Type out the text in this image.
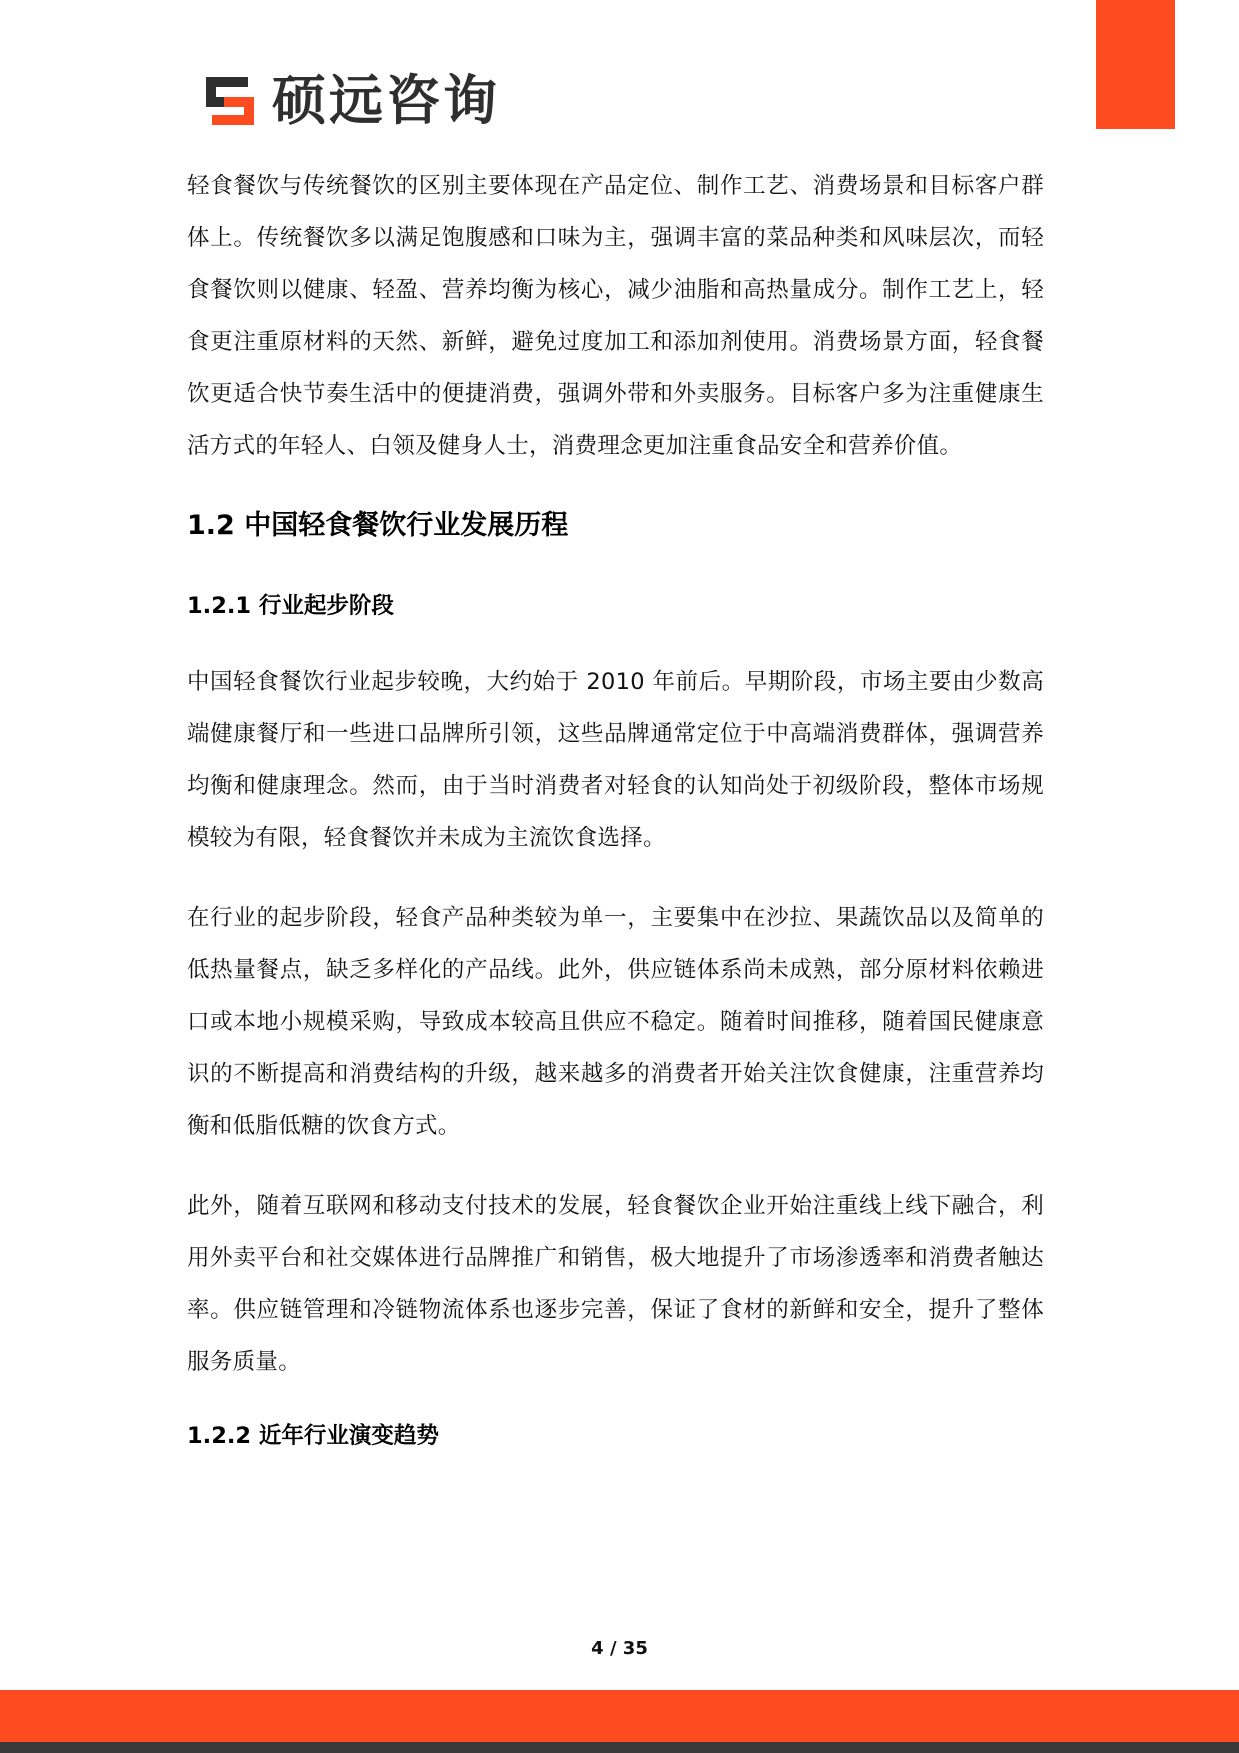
硕远咨询

轻食餐饮与传统餐饮的区别主要体现在产品定位、制作工艺、消费场景和目标客户群体上。传统餐饮多以满足饱腹感和口味为主，强调丰富的菜品种类和风味层次，而轻食餐饮则以健康、轻盈、营养均衡为核心，减少油脂和高热量成分。制作工艺上，轻食更注重原材料的天然、新鲜，避免过度加工和添加剂使用。消费场景方面，轻食餐饮更适合快节奏生活中的便捷消费，强调外带和外卖服务。目标客户多为注重健康生活方式的年轻人、白领及健身人士，消费理念更加注重食品安全和营养价值。

1.2 中国轻食餐饮行业发展历程
1.2.1 行业起步阶段

中国轻食餐饮行业起步较晚，大约始于 2010 年前后。早期阶段，市场主要由少数高端健康餐厅和一些进口品牌所引领，这些品牌通常定位于中高端消费群体，强调营养均衡和健康理念。然而，由于当时消费者对轻食的认知尚处于初级阶段，整体市场规模较为有限，轻食餐饮并未成为主流饮食选择。

在行业的起步阶段，轻食产品种类较为单一，主要集中在沙拉、果蔬饮品以及简单的低热量餐点，缺乏多样化的产品线。此外，供应链体系尚未成熟，部分原材料依赖进口或本地小规模采购，导致成本较高且供应不稳定。随着时间推移，随着国民健康意识的不断提高和消费结构的升级，越来越多的消费者开始关注饮食健康，注重营养均衡和低脂低糖的饮食方式。

此外，随着互联网和移动支付技术的发展，轻食餐饮企业开始注重线上线下融合，利用外卖平台和社交媒体进行品牌推广和销售，极大地提升了市场渗透率和消费者触达率。供应链管理和冷链物流体系也逐步完善，保证了食材的新鲜和安全，提升了整体服务质量。

1.2.2 近年行业演变趋势
4 / 35
